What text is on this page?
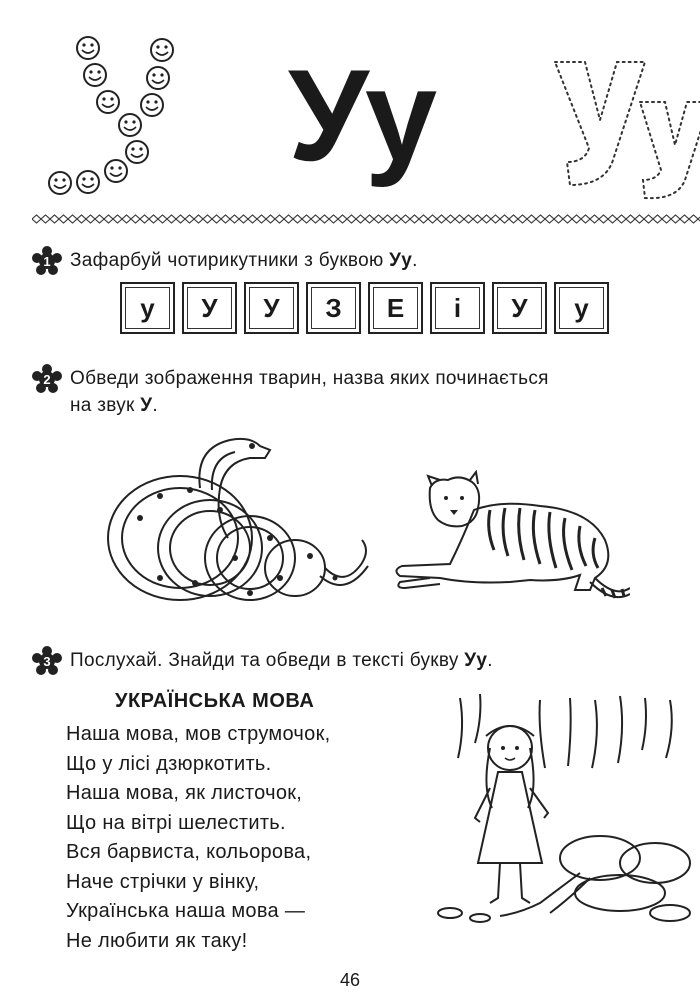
Уу
1 Зафарбуй чотирикутники з буквою Уу.
у	У	У	З	Е	і	У	у
2 Обведи зображення тварин, назва яких починається
на звук У.
3 Послухай. Знайди та обведи в тексті букву Уу.
УКРАЇНСЬКА МОВА
Наша мова, мов струмочок,
Що у лісі дзюркотить.
Наша мова, як листочок,
Що на вітрі шелестить.
Вся барвиста, кольорова,
Наче стрічки у вінку,
Українська наша мова —
Не любити як таку!
46
